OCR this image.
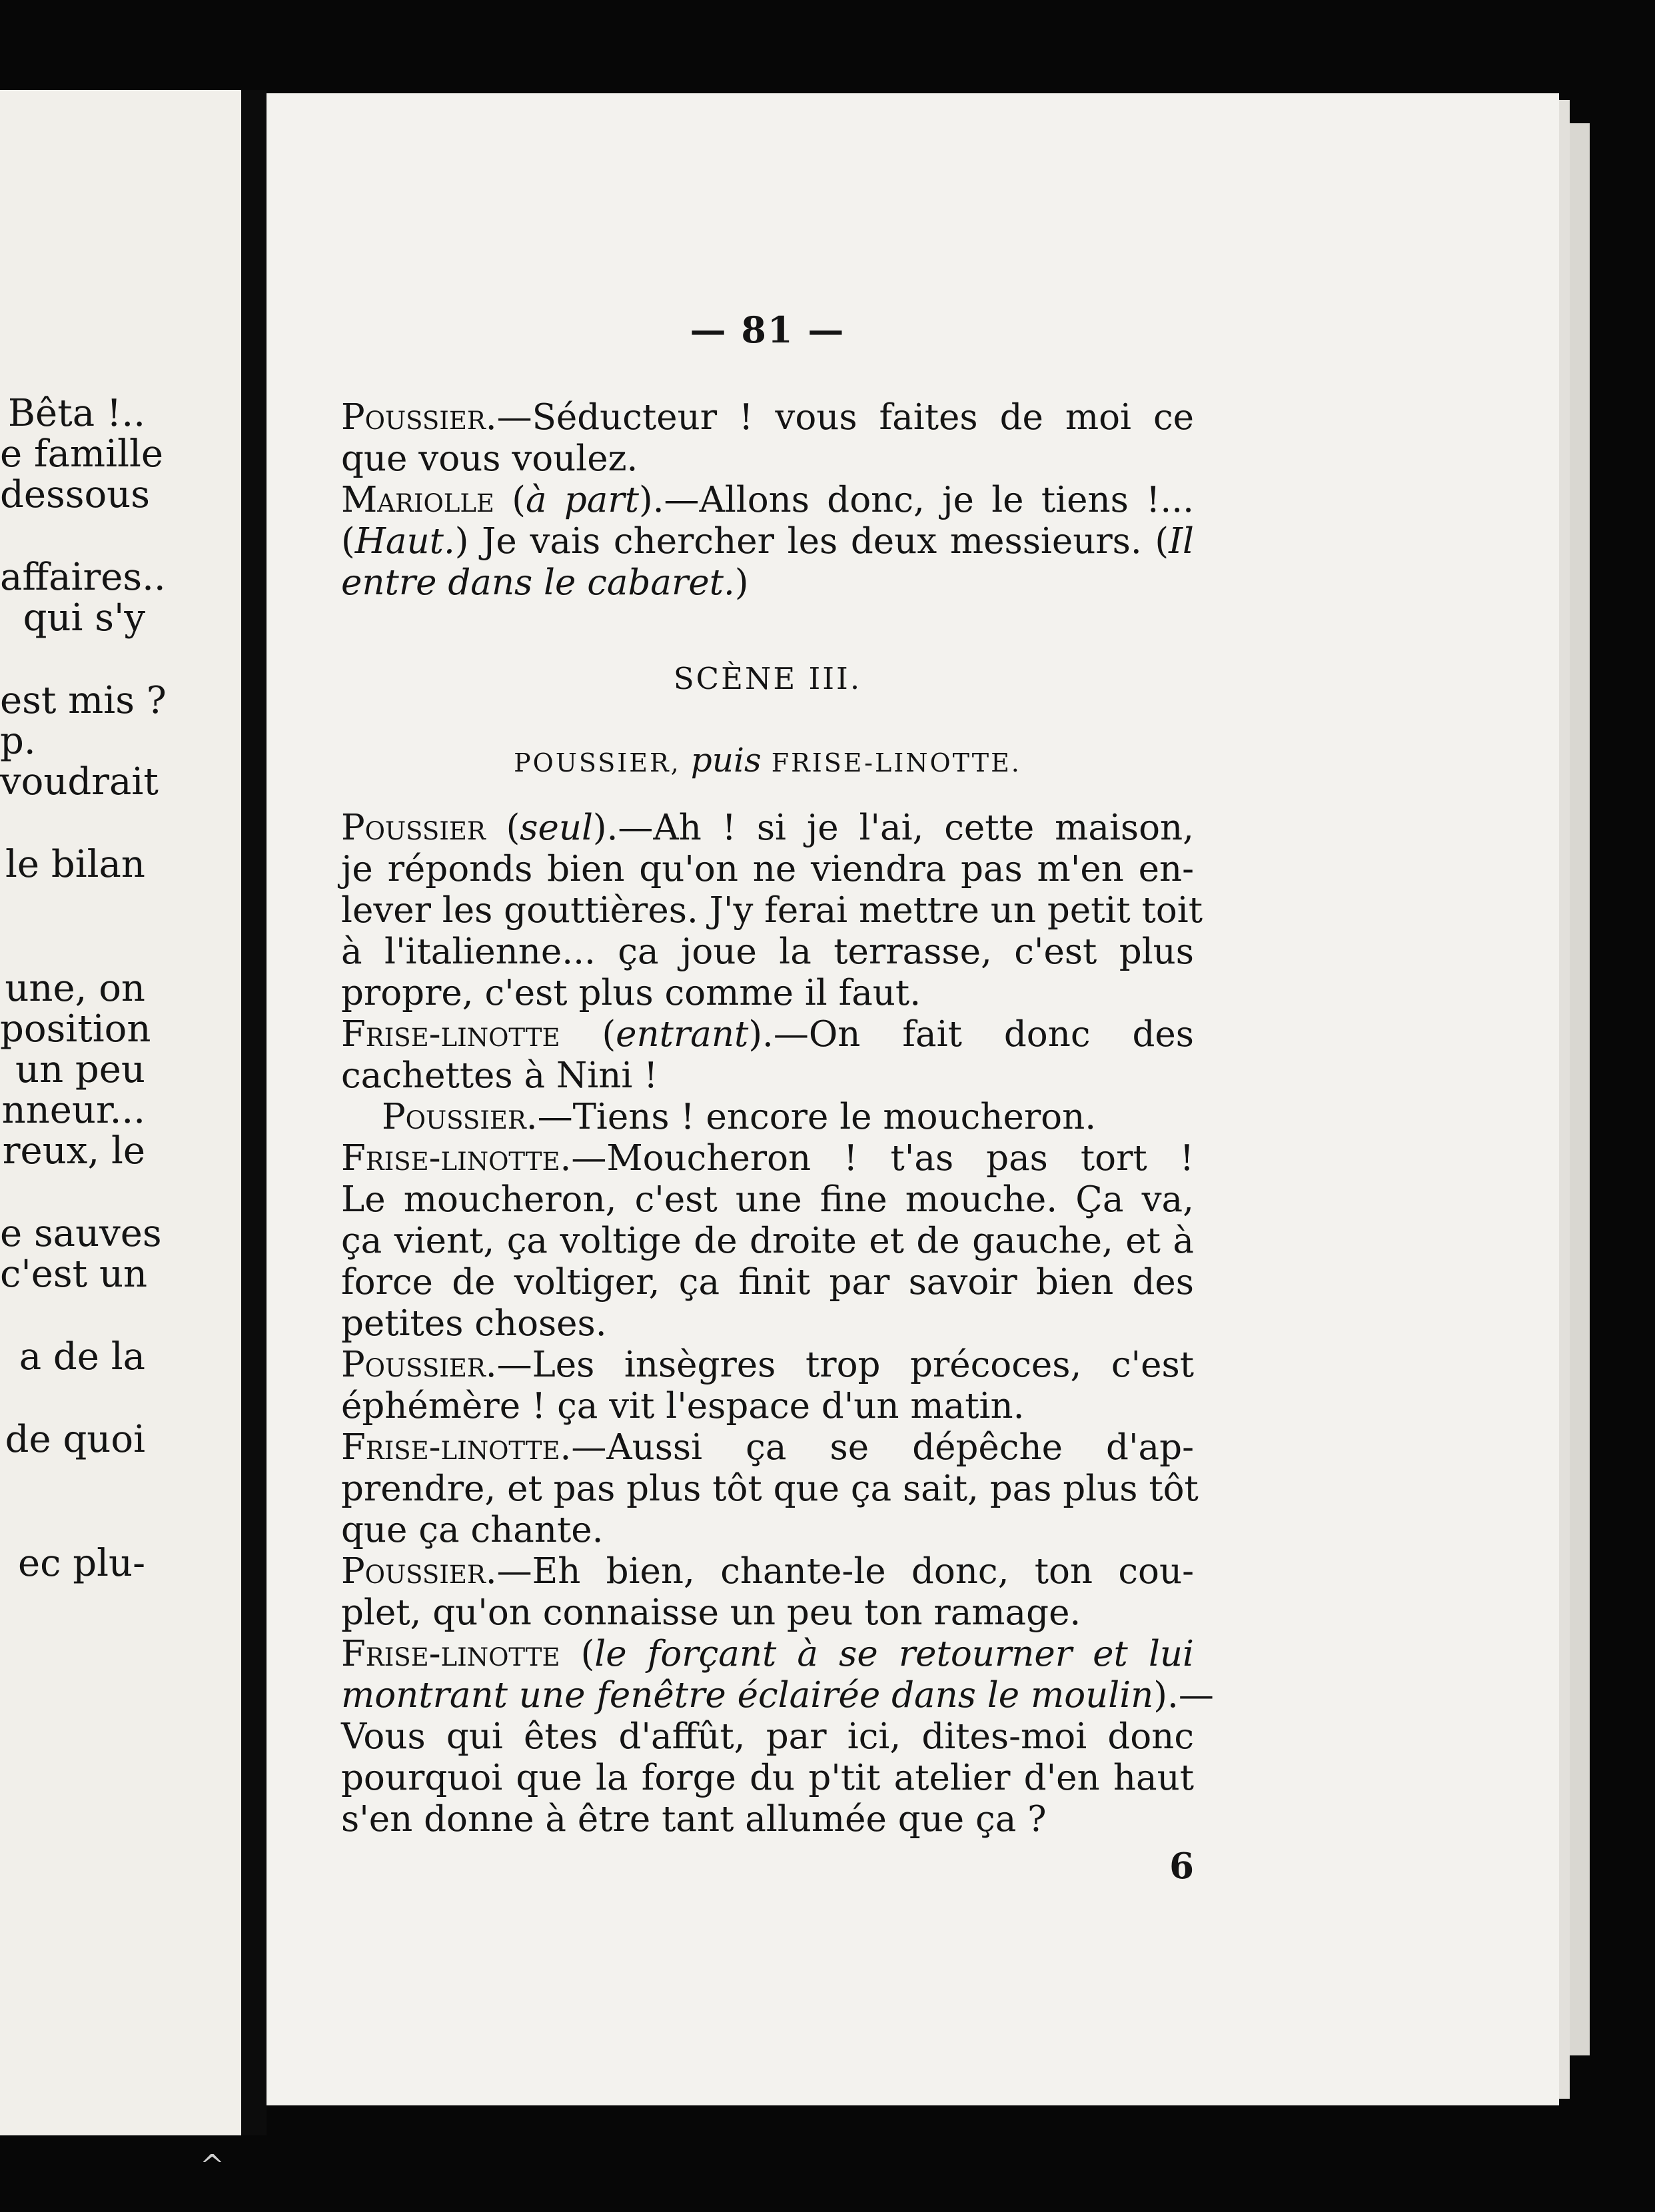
Bêta !..
e famille
dessous
affaires..
qui s'y
est mis ?
p.
voudrait
le bilan
une, on
position
un peu
nneur...
reux, le
e sauves
c'est un
a de la
de quoi
ec plu-
— 81 —
Poussier.—Séducteur ! vous faites de moi ce
que vous voulez.
Mariolle (à part).—Allons donc, je le tiens !...
(Haut.) Je vais chercher les deux messieurs. (Il
entre dans le cabaret.)
SCÈNE III.
POUSSIER, puis FRISE-LINOTTE.
Poussier (seul).—Ah ! si je l'ai, cette maison,
je réponds bien qu'on ne viendra pas m'en en-
lever les gouttières. J'y ferai mettre un petit toit
à l'italienne... ça joue la terrasse, c'est plus
propre, c'est plus comme il faut.
Frise-linotte (entrant).—On fait donc des
cachettes à Nini !
Poussier.—Tiens ! encore le moucheron.
Frise-linotte.—Moucheron ! t'as pas tort !
Le moucheron, c'est une fine mouche. Ça va,
ça vient, ça voltige de droite et de gauche, et à
force de voltiger, ça finit par savoir bien des
petites choses.
Poussier.—Les insègres trop précoces, c'est
éphémère ! ça vit l'espace d'un matin.
Frise-linotte.—Aussi ça se dépêche d'ap-
prendre, et pas plus tôt que ça sait, pas plus tôt
que ça chante.
Poussier.—Eh bien, chante-le donc, ton cou-
plet, qu'on connaisse un peu ton ramage.
Frise-linotte (le forçant à se retourner et lui
montrant une fenêtre éclairée dans le moulin).—
Vous qui êtes d'affût, par ici, dites-moi donc
pourquoi que la forge du p'tit atelier d'en haut
s'en donne à être tant allumée que ça ?
6
^
